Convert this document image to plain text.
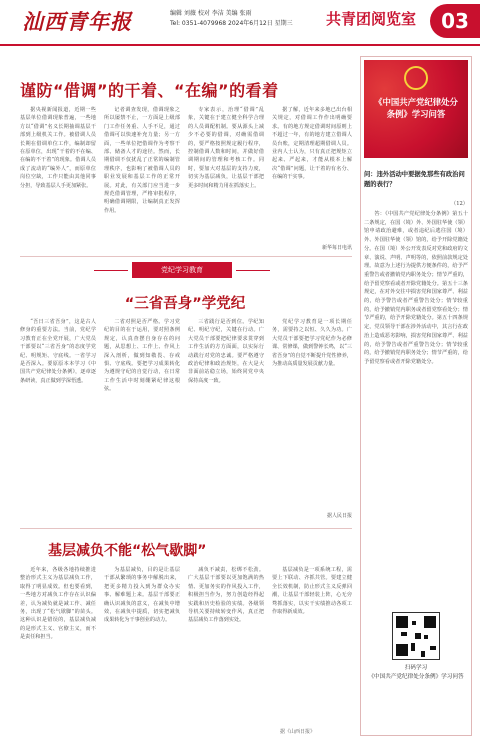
汕西青年报	编辑 刘薇 校对 李洁 美编 张雨
Tel: 0351-4079968 2024年6月12日 星期三 共青团阅览室	03
谨防“借调”的干着、“在编”的看着

据央视新闻报道，近期一些基层单位借调现象普遍，一些地方以“借调”名义长期抽调基层干部到上级机关工作。被借调人员长期在借调单位工作，编制却留在原单位，出现“干着的不在编、在编的不干着”的现象。借调人员成了流动的“编外人”，而原单位岗位空缺，工作只能由其他同事分担，导致基层人手更加紧张。

记者调查发现，借调现象之所以屡禁不止，一方面是上级部门工作任务重、人手不足，通过借调可以快速补充力量；另一方面，一些单位把借调作为考察干部、储备人才的途径。然而，长期借调不仅扰乱了正常的编制管理秩序，也影响了被借调人员的职业发展和基层工作的正常开展。对此，有关部门应当进一步规范借调管理，严格审批程序，明确借调期限，让编制真正发挥作用。

专家表示，治理“借调”乱象，关键在于建立健全科学合理的人员调配机制。要从源头上减少不必要的借调，对确需借调的，要严格按照规定履行程序，控制借调人数和时间，并做好借调期间的管理和考核工作。同时，要加大对基层的支持力度，切实为基层减负，让基层干部把更多时间和精力用在抓落实上。

据了解，近年来多地已出台相关规定，对借调工作作出明确要求。有的地方规定借调时间原则上不超过一年，有的地方建立借调人员台账，定期清理超期借调人员。业内人士认为，只有真正把规矩立起来、严起来，才能从根本上解决“借调”问题，让干着的有名分、在编的干实事。

新华每日电讯
党纪学习教育
“三省吾身”学党纪

“吾日三省吾身”，这是古人修身的重要方法。当前，党纪学习教育正在全党开展，广大党员干部要以“三省吾身”的态度学党纪、明规矩、守底线。一省学习是否深入。要原原本本学习《中国共产党纪律处分条例》，逐章逐条研读，真正做到学深悟透。

二省对照是否严格。学习党纪的目的在于运用，要对照条例规定，认真查摆自身存在的问题，从思想上、工作上、作风上深入剖析，做到知敬畏、存戒惧、守底线。要把学习成果转化为遵规守纪的自觉行动，在日常工作生活中时刻绷紧纪律这根弦。

三省践行是否到位。学纪知纪、明纪守纪，关键在行动。广大党员干部要把纪律要求贯穿到工作生活的方方面面，以实际行动践行对党的忠诚。要严格遵守政治纪律和政治规矩，在大是大非面前站稳立场，始终同党中央保持高度一致。

党纪学习教育是一项长期任务，需要持之以恒、久久为功。广大党员干部要把学习党纪作为必修课、常修课，做到警钟长鸣，以“三省吾身”的自觉不断提升党性修养，为推动高质量发展贡献力量。

据人民日报
基层减负不能“松气歇脚”

近年来，各级各地持续推进整治形式主义为基层减负工作，取得了明显成效。但也要看到，一些地方对减负工作存在认识偏差，认为减负就是减工作、减任务，出现了“松气歇脚”的苗头。这种认识是错误的，基层减负减的是形式主义、官僚主义，而不是责任和担当。

为基层减负，目的是让基层干部从繁琐的事务中解脱出来，把更多精力投入到为群众办实事、解难题上来。基层干部要正确认识减负的意义，在减负中增效，在减负中提质，切实把减负成果转化为干事创业的动力。

减负不减责，松绑不松劲。广大基层干部要以更加饱满的热情、更加务实的作风投入工作，积极担当作为，努力创造经得起实践和历史检验的实绩。各级领导机关要持续转变作风，真正把基层减负工作落到实处。

基层减负是一项系统工程，需要上下联动、齐抓共管。要建立健全长效机制，防止形式主义反弹回潮，让基层干部轻装上阵，心无旁骛抓落实，以实干实绩推动各项工作取得新成效。

据《山西日报》
《中国共产党纪律处分条例》学习问答
问：违外活动中要据免那些有政治问题的表行？
（12）

答：《中国共产党纪律处分条例》第五十二条规定，在国（境）外、外国驻华使（领）馆申请政治避难，或者违纪后逃往国（境）外、外国驻华使（领）馆的，给予开除党籍处分。在国（境）外公开发表反对党和政府的文章、演说、声明、声明等的，依照前款规定处理。故意为上述行为提供方便条件的，给予严重警告或者撤销党内职务处分；情节严重的，给予留党察看或者开除党籍处分。第五十三条规定，在对外交往中损害党和国家尊严、利益的，给予警告或者严重警告处分；情节较重的，给予撤销党内职务或者留党察看处分；情节严重的，给予开除党籍处分。第五十四条规定，党员领导干部在涉外活动中，其言行在政治上造成恶劣影响，损害党和国家尊严、利益的，给予警告或者严重警告处分；情节较重的，给予撤销党内职务处分；情节严重的，给予留党察看或者开除党籍处分。

扫码学习
《中国共产党纪律处分条例》学习问答
